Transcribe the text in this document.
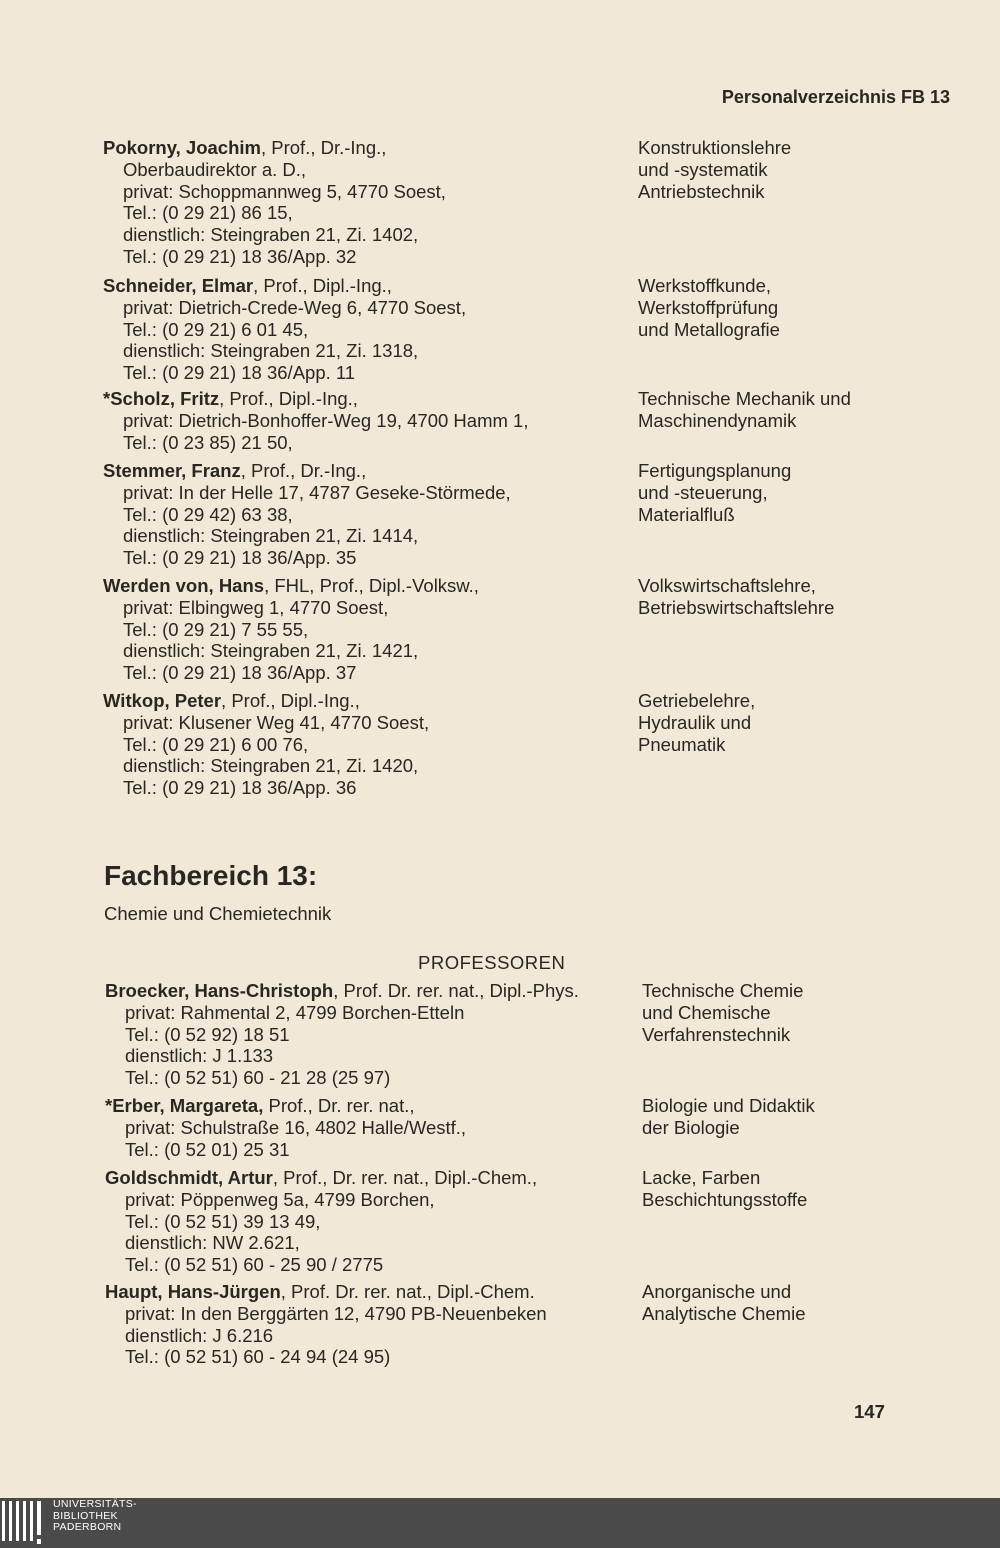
Personalverzeichnis FB 13
Pokorny, Joachim, Prof., Dr.-Ing.,
Oberbaudirektor a. D.,
privat: Schoppmannweg 5, 4770 Soest,
Tel.: (0 29 21) 86 15,
dienstlich: Steingraben 21, Zi. 1402,
Tel.: (0 29 21) 18 36/App. 32
Konstruktionslehre
und -systematik
Antriebstechnik
Schneider, Elmar, Prof., Dipl.-Ing.,
privat: Dietrich-Crede-Weg 6, 4770 Soest,
Tel.: (0 29 21) 6 01 45,
dienstlich: Steingraben 21, Zi. 1318,
Tel.: (0 29 21) 18 36/App. 11
Werkstoffkunde,
Werkstoffprüfung
und Metallografie
*Scholz, Fritz, Prof., Dipl.-Ing.,
privat: Dietrich-Bonhoffer-Weg 19, 4700 Hamm 1,
Tel.: (0 23 85) 21 50,
Technische Mechanik und
Maschinendynamik
Stemmer, Franz, Prof., Dr.-Ing.,
privat: In der Helle 17, 4787 Geseke-Störmede,
Tel.: (0 29 42) 63 38,
dienstlich: Steingraben 21, Zi. 1414,
Tel.: (0 29 21) 18 36/App. 35
Fertigungsplanung
und -steuerung,
Materialfluß
Werden von, Hans, FHL, Prof., Dipl.-Volksw.,
privat: Elbingweg 1, 4770 Soest,
Tel.: (0 29 21) 7 55 55,
dienstlich: Steingraben 21, Zi. 1421,
Tel.: (0 29 21) 18 36/App. 37
Volkswirtschaftslehre,
Betriebswirtschaftslehre
Witkop, Peter, Prof., Dipl.-Ing.,
privat: Klusener Weg 41, 4770 Soest,
Tel.: (0 29 21) 6 00 76,
dienstlich: Steingraben 21, Zi. 1420,
Tel.: (0 29 21) 18 36/App. 36
Getriebelehre,
Hydraulik und
Pneumatik
Fachbereich 13:
Chemie und Chemietechnik
PROFESSOREN
Broecker, Hans-Christoph, Prof. Dr. rer. nat., Dipl.-Phys.
privat: Rahmental 2, 4799 Borchen-Etteln
Tel.: (0 52 92) 18 51
dienstlich: J 1.133
Tel.: (0 52 51) 60 - 21 28 (25 97)
Technische Chemie
und Chemische
Verfahrenstechnik
*Erber, Margareta, Prof., Dr. rer. nat.,
privat: Schulstraße 16, 4802 Halle/Westf.,
Tel.: (0 52 01) 25 31
Biologie und Didaktik
der Biologie
Goldschmidt, Artur, Prof., Dr. rer. nat., Dipl.-Chem.,
privat: Pöppenweg 5a, 4799 Borchen,
Tel.: (0 52 51) 39 13 49,
dienstlich: NW 2.621,
Tel.: (0 52 51) 60 - 25 90 / 2775
Lacke, Farben
Beschichtungsstoffe
Haupt, Hans-Jürgen, Prof. Dr. rer. nat., Dipl.-Chem.
privat: In den Berggärten 12, 4790 PB-Neuenbeken
dienstlich: J 6.216
Tel.: (0 52 51) 60 - 24 94 (24 95)
Anorganische und
Analytische Chemie
147
UNIVERSITÄTS-
BIBLIOTHEK
PADERBORN
